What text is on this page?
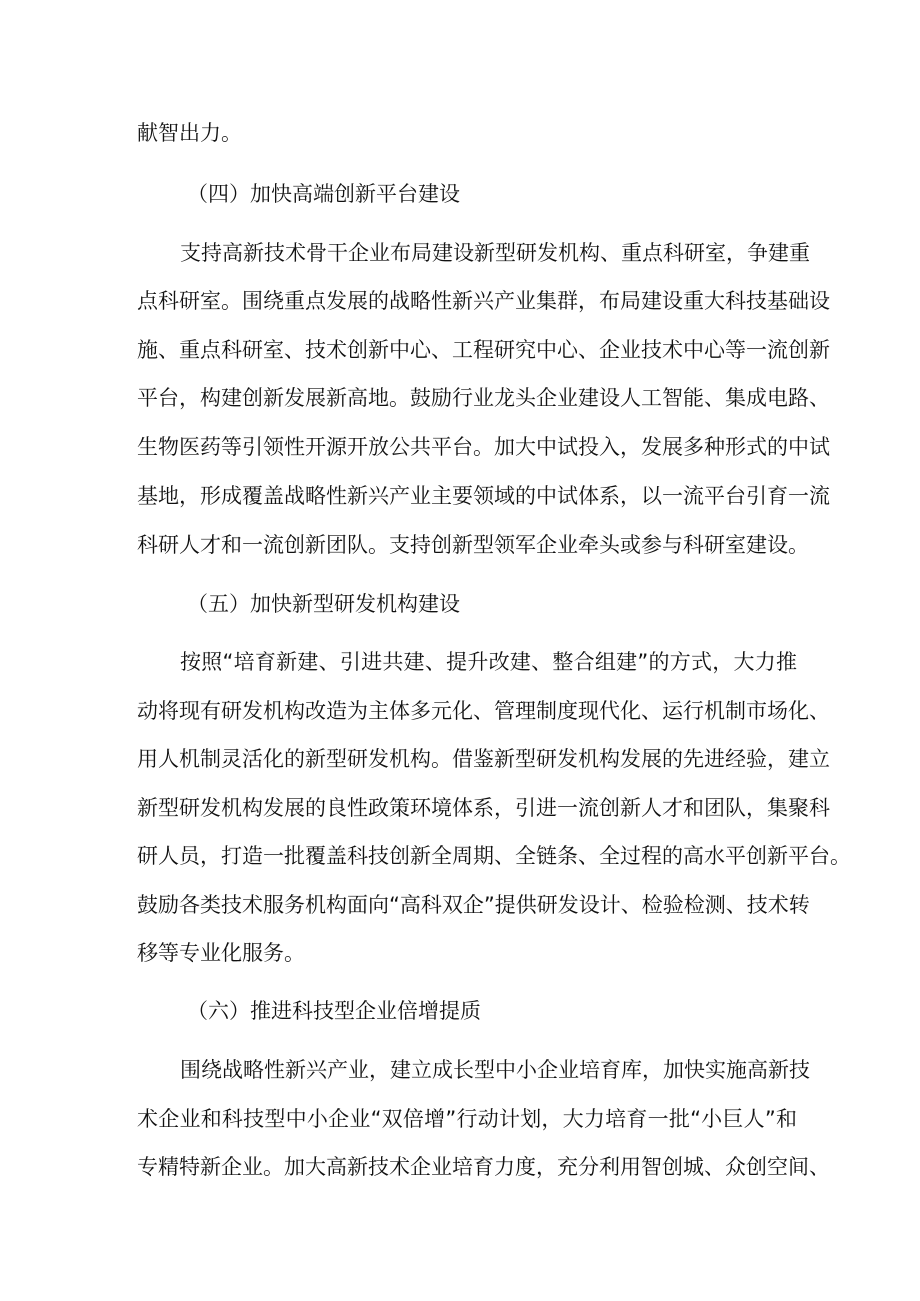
献智出力。
（四）加快高端创新平台建设
支持高新技术骨干企业布局建设新型研发机构、重点科研室，争建重
点科研室。围绕重点发展的战略性新兴产业集群，布局建设重大科技基础设
施、重点科研室、技术创新中心、工程研究中心、企业技术中心等一流创新
平台，构建创新发展新高地。鼓励行业龙头企业建设人工智能、集成电路、
生物医药等引领性开源开放公共平台。加大中试投入，发展多种形式的中试
基地，形成覆盖战略性新兴产业主要领域的中试体系，以一流平台引育一流
科研人才和一流创新团队。支持创新型领军企业牵头或参与科研室建设。
（五）加快新型研发机构建设
按照“培育新建、引进共建、提升改建、整合组建”的方式，大力推
动将现有研发机构改造为主体多元化、管理制度现代化、运行机制市场化、
用人机制灵活化的新型研发机构。借鉴新型研发机构发展的先进经验，建立
新型研发机构发展的良性政策环境体系，引进一流创新人才和团队，集聚科
研人员，打造一批覆盖科技创新全周期、全链条、全过程的高水平创新平台。
鼓励各类技术服务机构面向“高科双企”提供研发设计、检验检测、技术转
移等专业化服务。
（六）推进科技型企业倍增提质
围绕战略性新兴产业，建立成长型中小企业培育库，加快实施高新技
术企业和科技型中小企业“双倍增”行动计划，大力培育一批“小巨人”和
专精特新企业。加大高新技术企业培育力度，充分利用智创城、众创空间、
